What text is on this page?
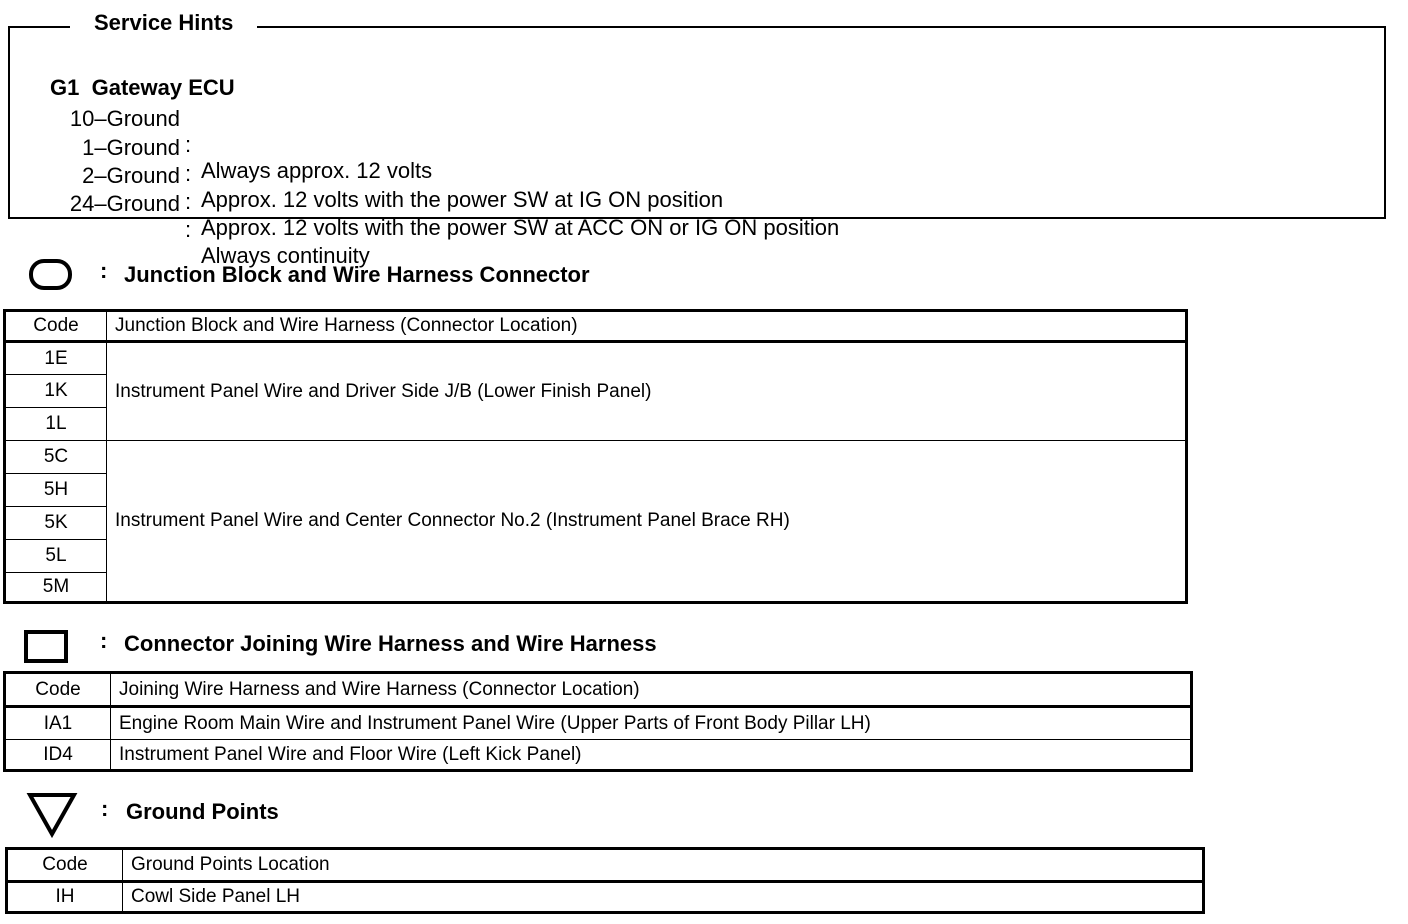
G1 Gateway ECU

10–Ground

:

Always approx. 12 volts

1–Ground

:

Approx. 12 volts with the power SW at IG ON position

2–Ground

:

Approx. 12 volts with the power SW at ACC ON or IG ON position

24–Ground

:

Always continuity

Service Hints
: Junction Block and Wire Harness Connector
Code	Junction Block and Wire Harness (Connector Location)
1E	Instrument Panel Wire and Driver Side J/B (Lower Finish Panel)
1K	
1L	
5C	Instrument Panel Wire and Center Connector No.2 (Instrument Panel Brace RH)
5H	
5K	
5L	
5M	
: Connector Joining Wire Harness and Wire Harness
Code	Joining Wire Harness and Wire Harness (Connector Location)
IA1	Engine Room Main Wire and Instrument Panel Wire (Upper Parts of Front Body Pillar LH)
ID4	Instrument Panel Wire and Floor Wire (Left Kick Panel)
: Ground Points
Code	Ground Points Location
IH	Cowl Side Panel LH
